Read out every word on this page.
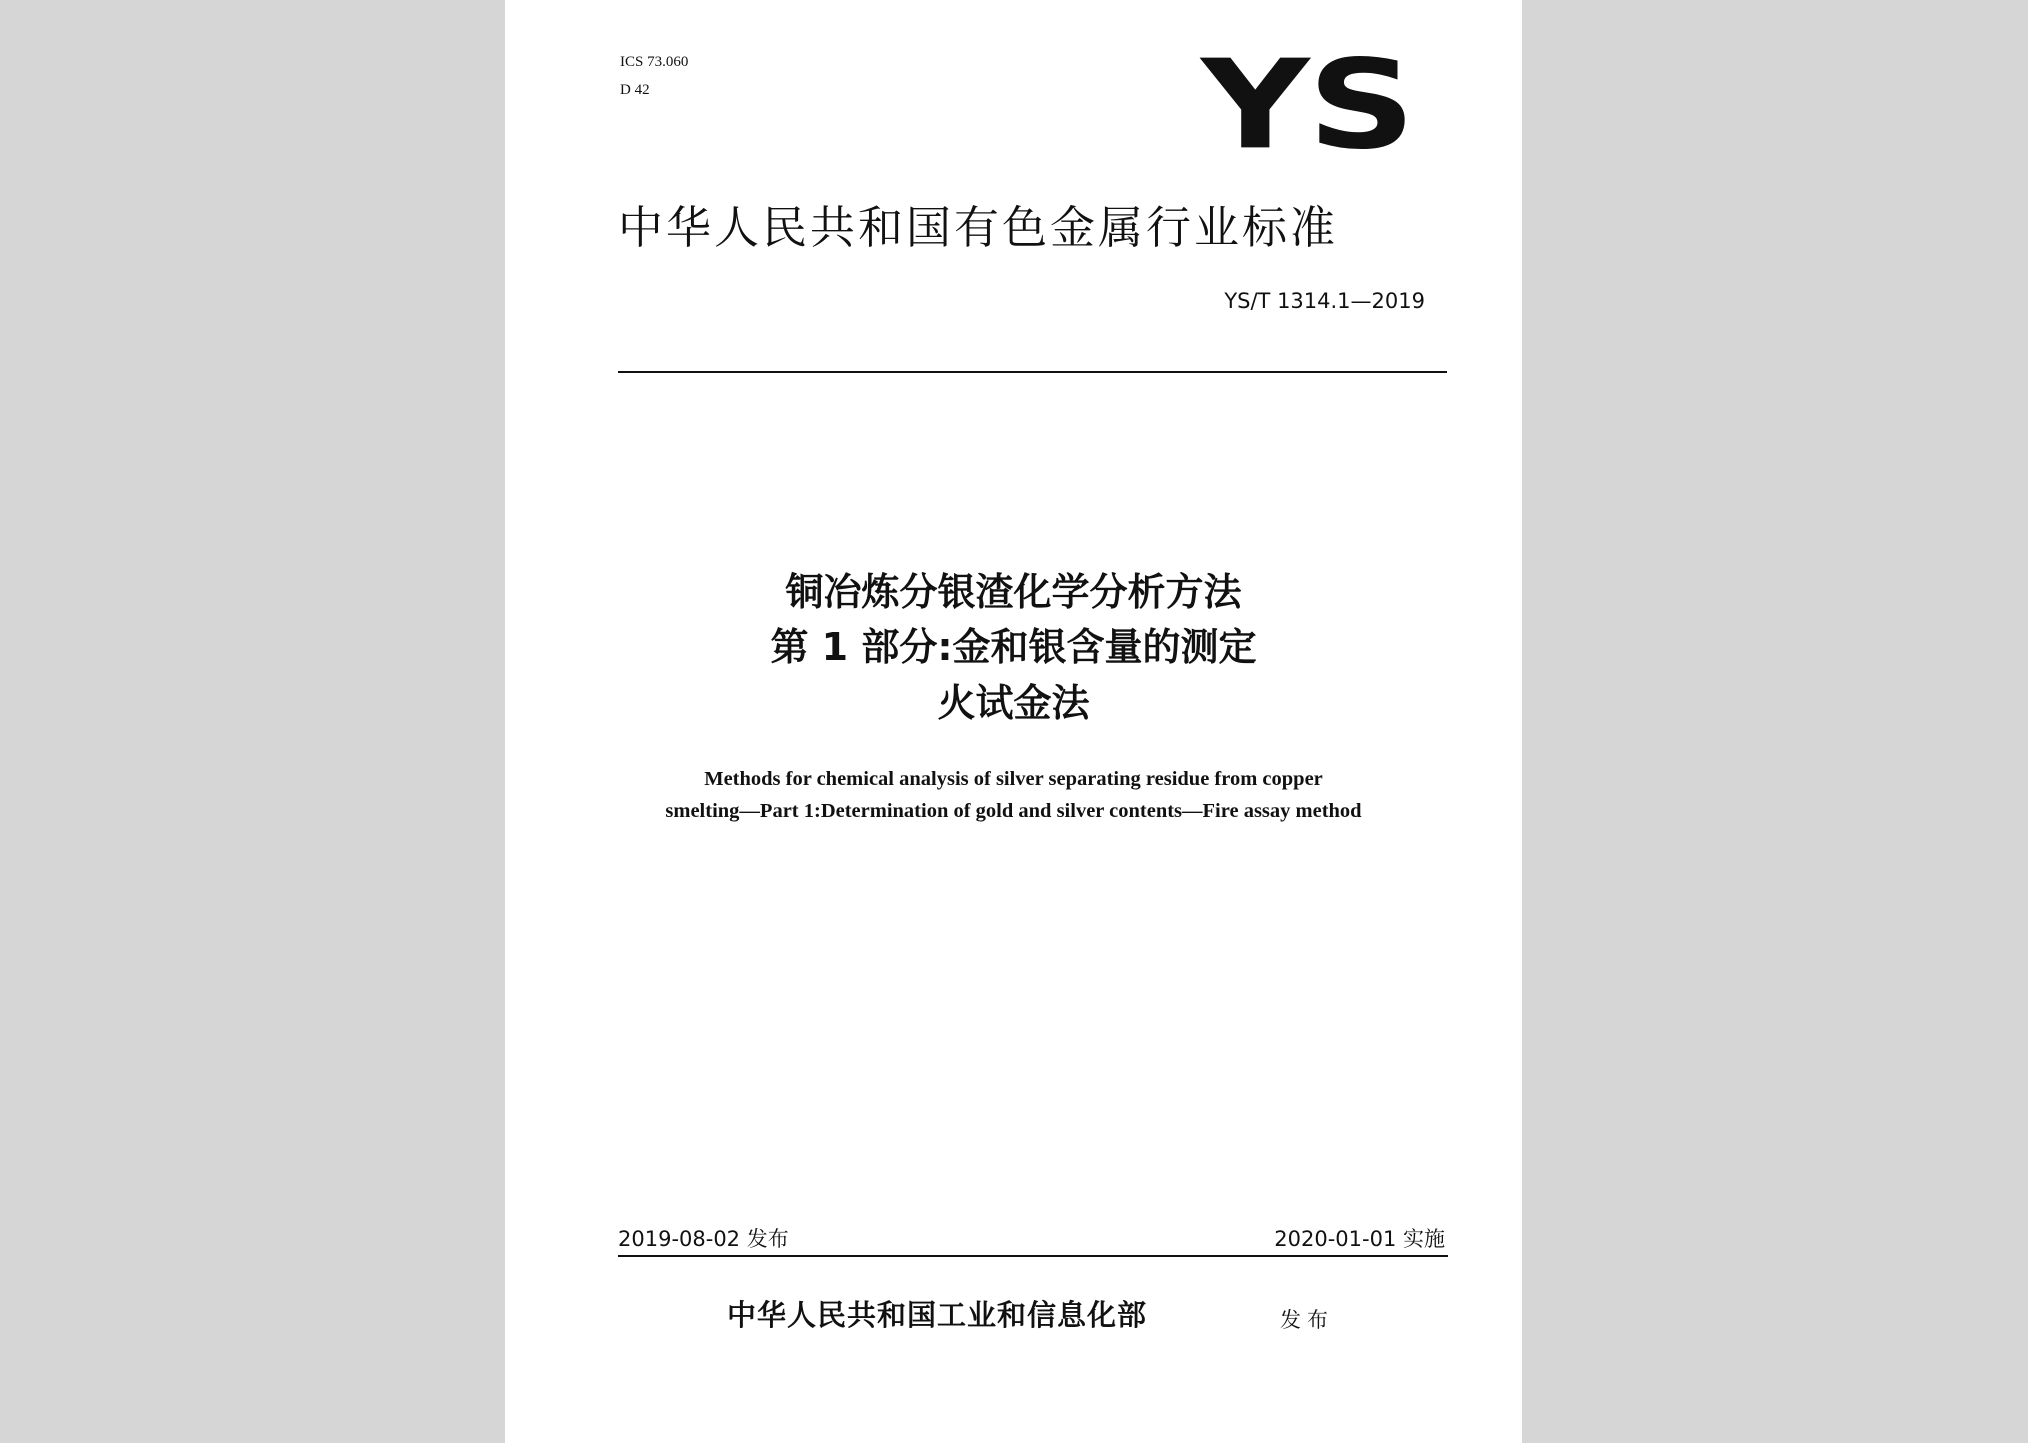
ICS 73.060

D 42	YS

中华人民共和国有色金属行业标准

YS/T 1314.1—2019

铜冶炼分银渣化学分析方法

第 1 部分:金和银含量的测定

火试金法

Methods for chemical analysis of silver separating residue from copper

smelting—Part 1:Determination of gold and silver contents—Fire assay method

2019-08-02 发布	2020-01-01 实施

中华人民共和国工业和信息化部	发布
